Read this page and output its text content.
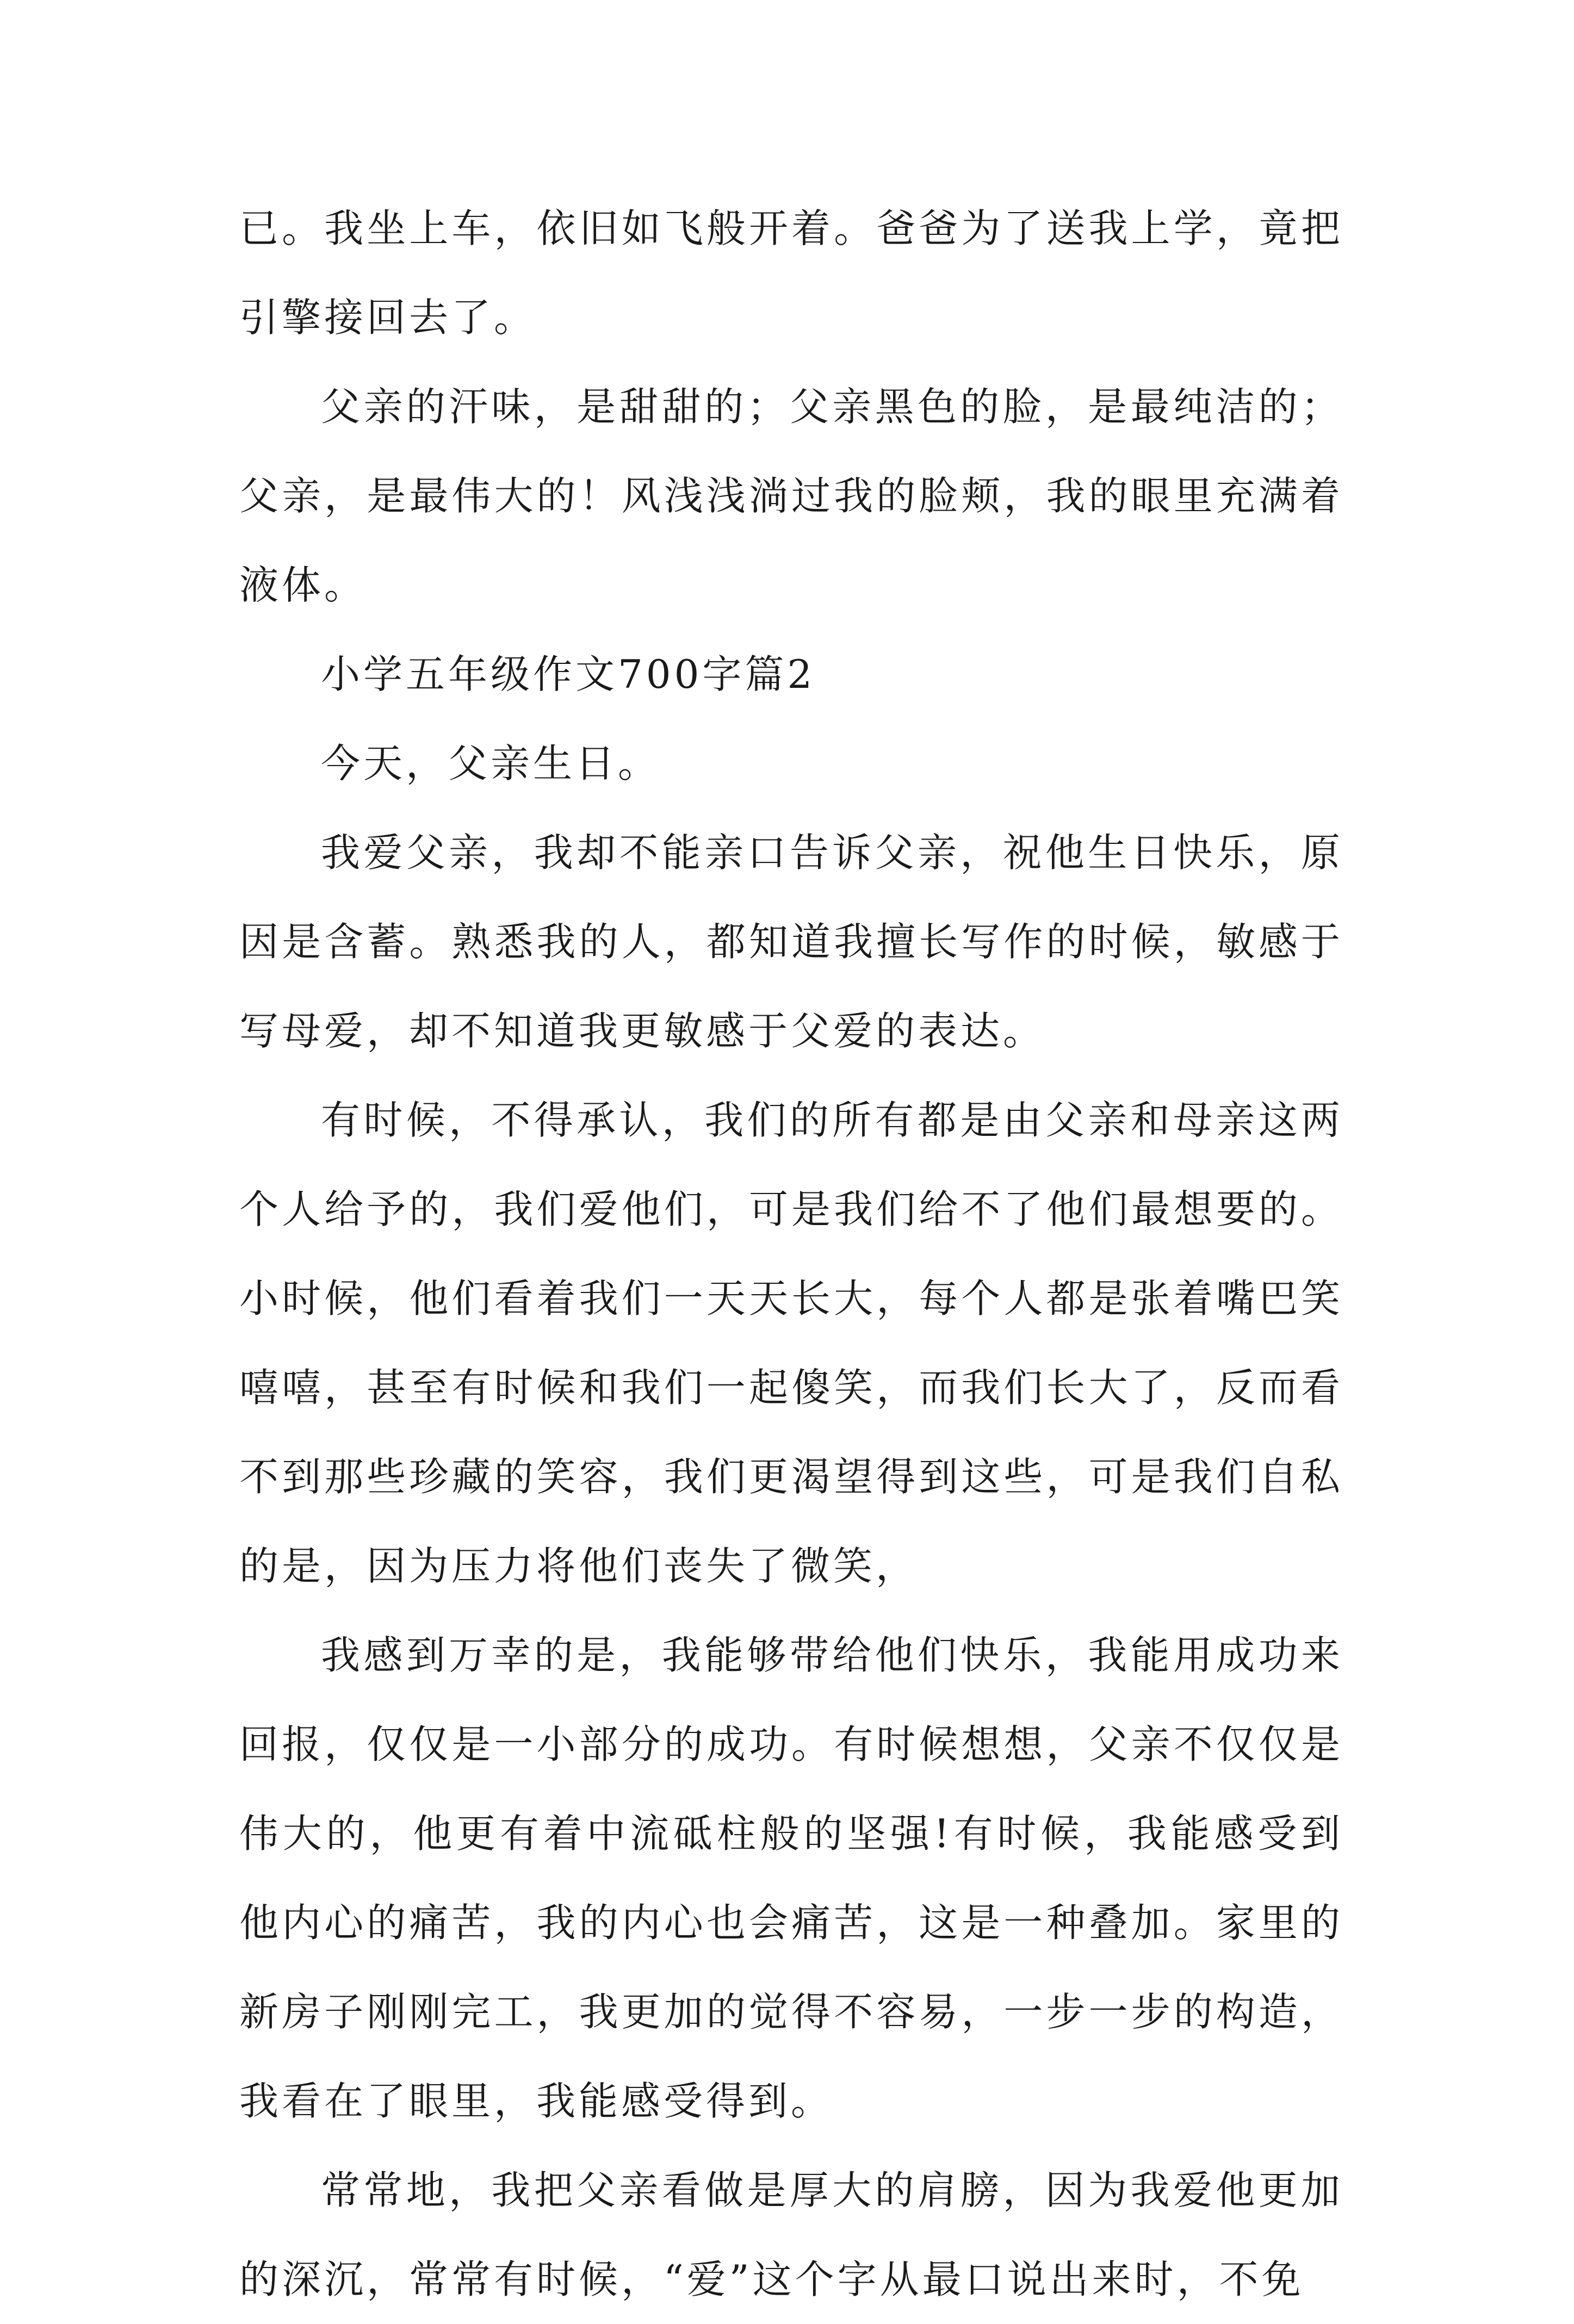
已。我坐上车，依旧如飞般开着。爸爸为了送我上学，竟把引擎接回去了。

父亲的汗味，是甜甜的；父亲黑色的脸，是最纯洁的；父亲，是最伟大的！风浅浅淌过我的脸颊，我的眼里充满着液体。

小学五年级作文700字篇2

今天，父亲生日。

我爱父亲，我却不能亲口告诉父亲，祝他生日快乐，原因是含蓄。熟悉我的人，都知道我擅长写作的时候，敏感于写母爱，却不知道我更敏感于父爱的表达。

有时候，不得承认，我们的所有都是由父亲和母亲这两个人给予的，我们爱他们，可是我们给不了他们最想要的。小时候，他们看着我们一天天长大，每个人都是张着嘴巴笑嘻嘻，甚至有时候和我们一起傻笑，而我们长大了，反而看不到那些珍藏的笑容，我们更渴望得到这些，可是我们自私的是，因为压力将他们丧失了微笑，

我感到万幸的是，我能够带给他们快乐，我能用成功来回报，仅仅是一小部分的成功。有时候想想，父亲不仅仅是伟大的，他更有着中流砥柱般的坚强!有时候，我能感受到他内心的痛苦，我的内心也会痛苦，这是一种叠加。家里的新房子刚刚完工，我更加的觉得不容易，一步一步的构造，我看在了眼里，我能感受得到。

常常地，我把父亲看做是厚大的肩膀，因为我爱他更加的深沉，常常有时候，“爱”这个字从最口说出来时，不免
